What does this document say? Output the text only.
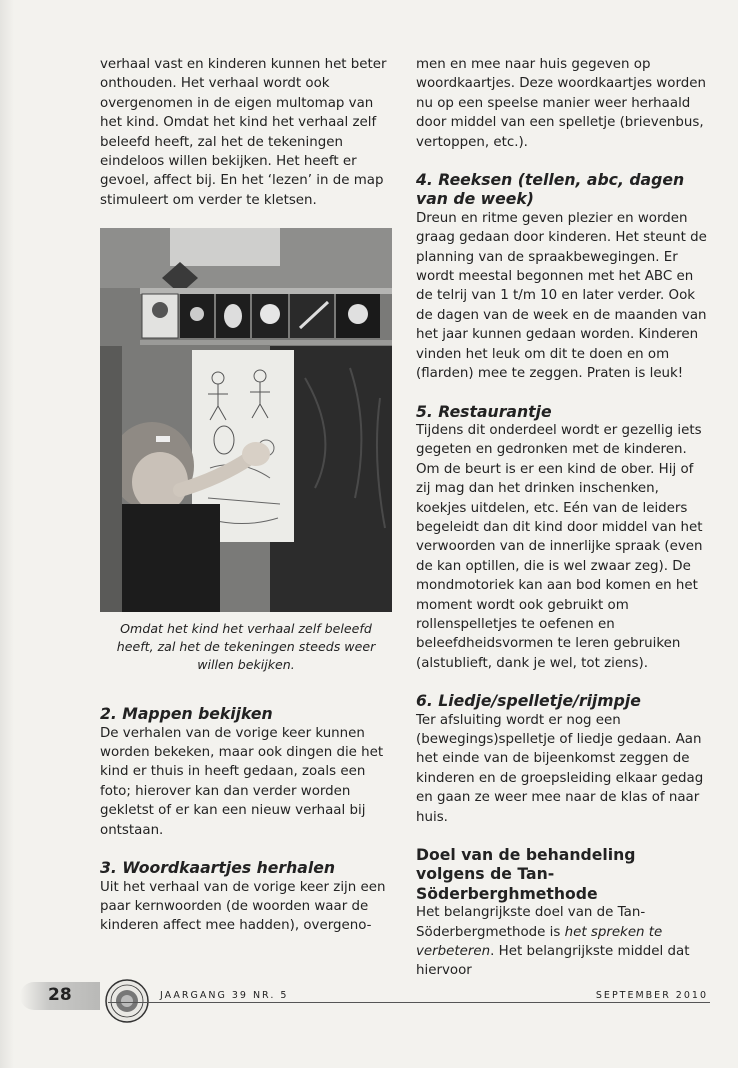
verhaal vast en kinderen kunnen het beter onthouden. Het verhaal wordt ook overgenomen in de eigen multomap van het kind. Omdat het kind het verhaal zelf beleefd heeft, zal het de tekeningen eindeloos willen bekijken. Het heeft er gevoel, affect bij. En het ‘lezen’ in de map stimuleert om verder te kletsen.

Omdat het kind het verhaal zelf beleefd heeft, zal het de tekeningen steeds weer willen bekijken.

2. Mappen bekijken

De verhalen van de vorige keer kunnen worden bekeken, maar ook dingen die het kind er thuis in heeft gedaan, zoals een foto; hierover kan dan verder worden gekletst of er kan een nieuw verhaal bij ontstaan.

3. Woordkaartjes herhalen

Uit het verhaal van de vorige keer zijn een paar kernwoorden (de woorden waar de kinderen affect mee hadden), overgeno-

men en mee naar huis gegeven op woordkaartjes. Deze woordkaartjes worden nu op een speelse manier weer herhaald door middel van een spelletje (brievenbus, vertoppen, etc.).

4. Reeksen (tellen, abc, dagen van de week)

Dreun en ritme geven plezier en worden graag gedaan door kinderen. Het steunt de planning van de spraakbewegingen. Er wordt meestal begonnen met het ABC en de telrij van 1 t/m 10 en later verder. Ook de dagen van de week en de maanden van het jaar kunnen gedaan worden. Kinderen vinden het leuk om dit te doen en om (flarden) mee te zeggen. Praten is leuk!

5. Restaurantje

Tijdens dit onderdeel wordt er gezellig iets gegeten en gedronken met de kinderen. Om de beurt is er een kind de ober. Hij of zij mag dan het drinken inschenken, koekjes uitdelen, etc. Eén van de leiders begeleidt dan dit kind door middel van het verwoorden van de innerlijke spraak (even de kan optillen, die is wel zwaar zeg). De mondmotoriek kan aan bod komen en het moment wordt ook gebruikt om rollenspelletjes te oefenen en beleefdheidsvormen te leren gebruiken (alstublieft, dank je wel, tot ziens).

6. Liedje/spelletje/rijmpje

Ter afsluiting wordt er nog een (bewegings)spelletje of liedje gedaan. Aan het einde van de bijeenkomst zeggen de kinderen en de groepsleiding elkaar gedag en gaan ze weer mee naar de klas of naar huis.

Doel van de behandeling volgens de Tan-Söderberghmethode

Het belangrijkste doel van de Tan-Söderbergmethode is het spreken te verbeteren. Het belangrijkste middel dat hiervoor

28	JAARGANG 39 NR. 5	SEPTEMBER 2010
